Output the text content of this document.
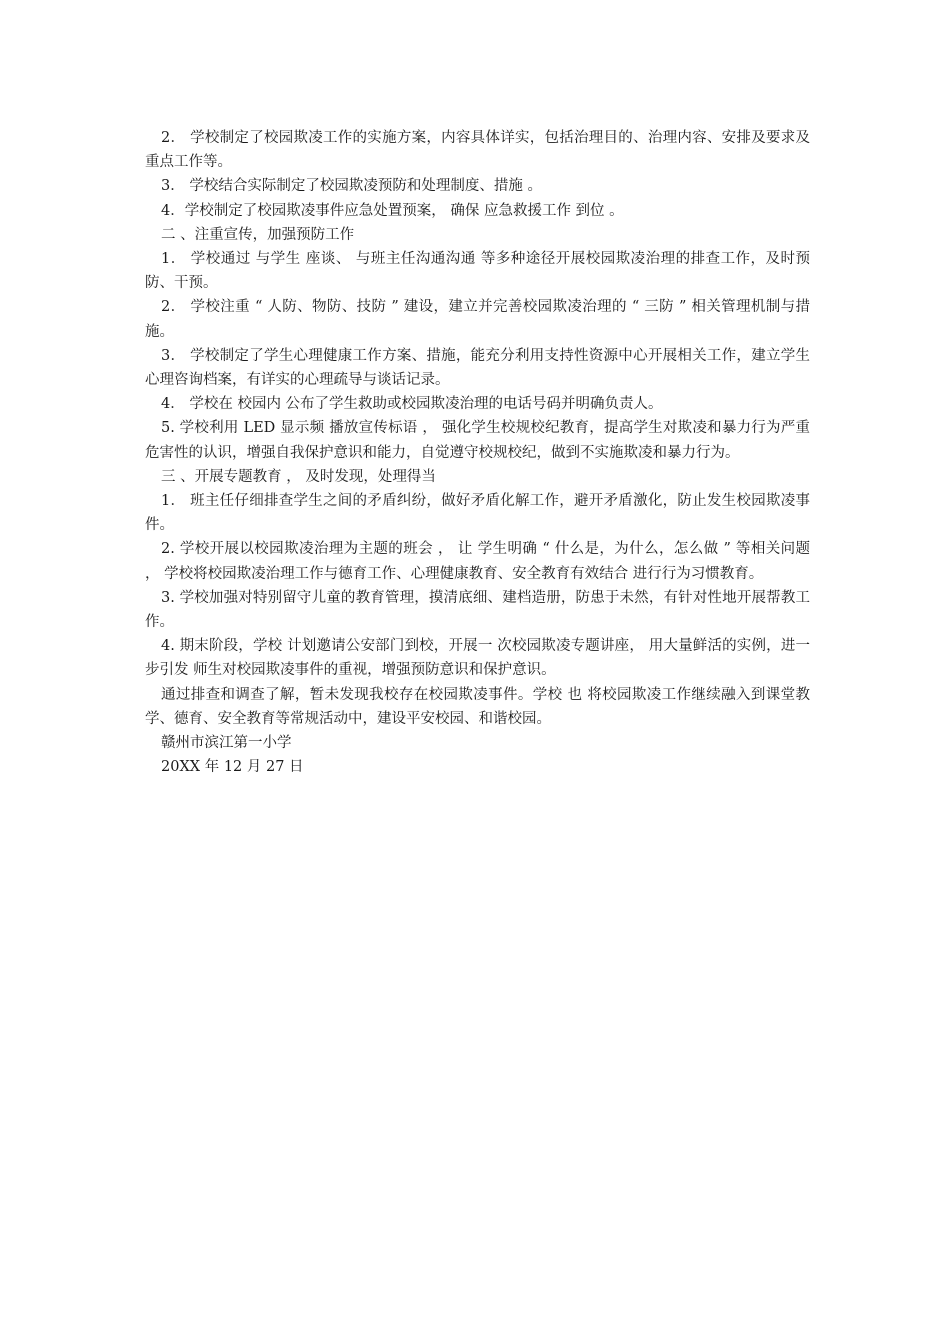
2． 学校制定了校园欺凌工作的实施方案，内容具体详实，包括治理目的、治理内容、安排及要求及重点工作等。

3． 学校结合实际制定了校园欺凌预防和处理制度、措施 。

4．学校制定了校园欺凌事件应急处置预案， 确保 应急救援工作 到位 。

二 、注重宣传，加强预防工作

1． 学校通过 与学生 座谈、 与班主任沟通沟通 等多种途径开展校园欺凌治理的排查工作，及时预防、干预。

2． 学校注重 “ 人防、物防、技防 ” 建设，建立并完善校园欺凌治理的 “ 三防 ” 相关管理机制与措施。

3． 学校制定了学生心理健康工作方案、措施，能充分利用支持性资源中心开展相关工作，建立学生心理咨询档案，有详实的心理疏导与谈话记录。

4． 学校在 校园内 公布了学生救助或校园欺凌治理的电话号码并明确负责人。

5. 学校利用 LED 显示频 播放宣传标语 ， 强化学生校规校纪教育，提高学生对欺凌和暴力行为严重危害性的认识，增强自我保护意识和能力，自觉遵守校规校纪，做到不实施欺凌和暴力行为。

三 、开展专题教育 ， 及时发现，处理得当

1． 班主任仔细排查学生之间的矛盾纠纷，做好矛盾化解工作，避开矛盾激化，防止发生校园欺凌事件。

2. 学校开展以校园欺凌治理为主题的班会 ， 让 学生明确 “ 什么是，为什么，怎么做 ” 等相关问题 ， 学校将校园欺凌治理工作与德育工作、心理健康教育、安全教育有效结合 进行行为习惯教育。

3. 学校加强对特别留守儿童的教育管理，摸清底细、建档造册，防患于未然，有针对性地开展帮教工作。

4. 期末阶段，学校 计划邀请公安部门到校，开展一 次校园欺凌专题讲座， 用大量鲜活的实例，进一步引发 师生对校园欺凌事件的重视，增强预防意识和保护意识。

通过排查和调查了解，暂未发现我校存在校园欺凌事件。学校 也 将校园欺凌工作继续融入到课堂教学、德育、安全教育等常规活动中，建设平安校园、和谐校园。

赣州市滨江第一小学

20XX 年 12 月 27 日
